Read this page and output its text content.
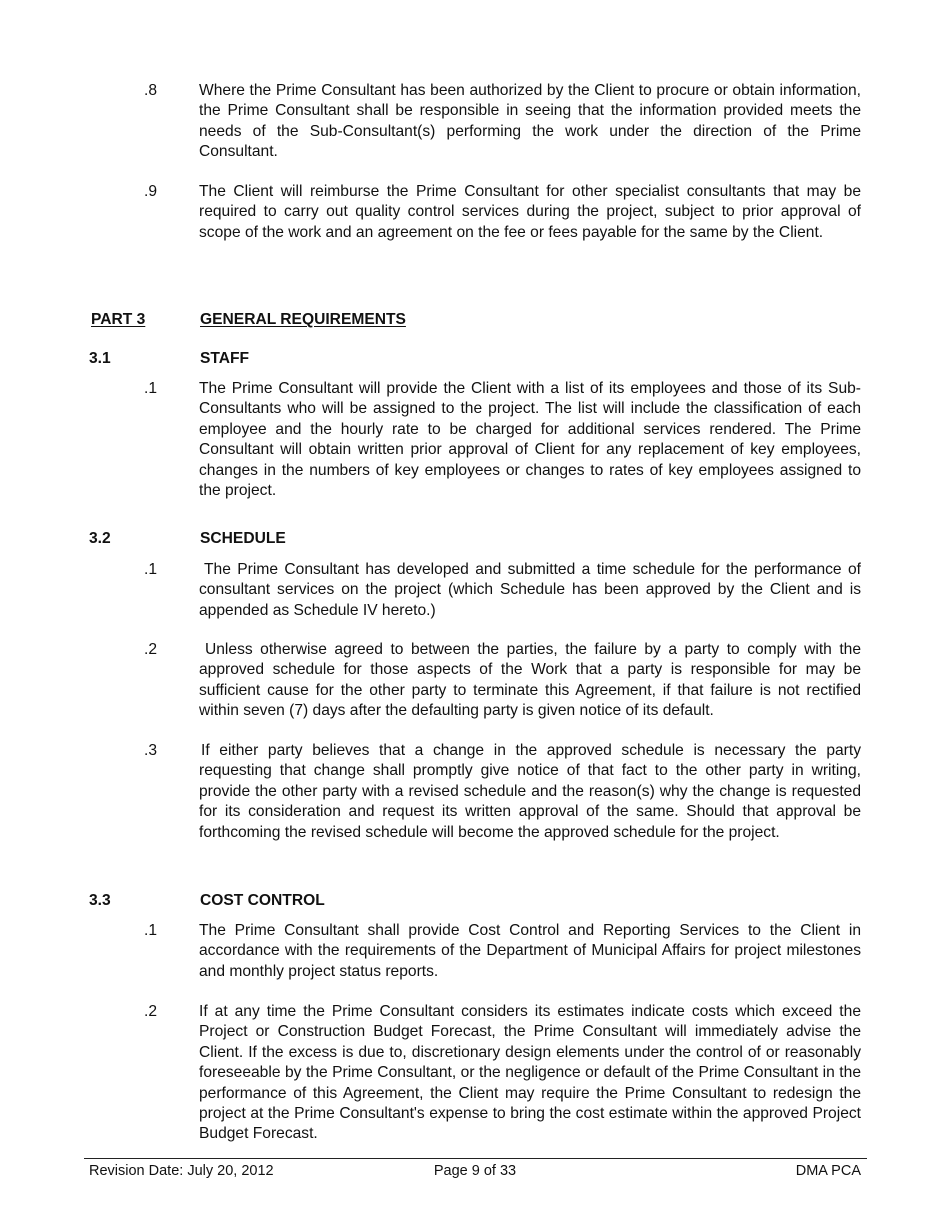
.8	Where the Prime Consultant has been authorized by the Client to procure or obtain information, the Prime Consultant shall be responsible in seeing that the information provided meets the needs of the Sub-Consultant(s) performing the work under the direction of the Prime Consultant.
.9	The Client will reimburse the Prime Consultant for other specialist consultants that may be required to carry out quality control services during the project, subject to prior approval of scope of the work and an agreement on the fee or fees payable for the same by the Client.
PART 3	GENERAL REQUIREMENTS
3.1	STAFF
.1	The Prime Consultant will provide the Client with a list of its employees and those of its Sub-Consultants who will be assigned to the project. The list will include the classification of each employee and the hourly rate to be charged for additional services rendered. The Prime Consultant will obtain written prior approval of Client for any replacement of key employees, changes in the numbers of key employees or changes to rates of key employees assigned to the project.
3.2	SCHEDULE
.1	The Prime Consultant has developed and submitted a time schedule for the performance of consultant services on the project (which Schedule has been approved by the Client and is appended as Schedule IV hereto.)
.2	Unless otherwise agreed to between the parties, the failure by a party to comply with the approved schedule for those aspects of the Work that a party is responsible for may be sufficient cause for the other party to terminate this Agreement, if that failure is not rectified within seven (7) days after the defaulting party is given notice of its default.
.3	If either party believes that a change in the approved schedule is necessary the party requesting that change shall promptly give notice of that fact to the other party in writing, provide the other party with a revised schedule and the reason(s) why the change is requested for its consideration and request its written approval of the same. Should that approval be forthcoming the revised schedule will become the approved schedule for the project.
3.3	COST CONTROL
.1	The Prime Consultant shall provide Cost Control and Reporting Services to the Client in accordance with the requirements of the Department of Municipal Affairs for project milestones and monthly project status reports.
.2	If at any time the Prime Consultant considers its estimates indicate costs which exceed the Project or Construction Budget Forecast, the Prime Consultant will immediately advise the Client. If the excess is due to, discretionary design elements under the control of or reasonably foreseeable by the Prime Consultant, or the negligence or default of the Prime Consultant in the performance of this Agreement, the Client may require the Prime Consultant to redesign the project at the Prime Consultant's expense to bring the cost estimate within the approved Project Budget Forecast.
Revision Date: July 20, 2012	Page 9 of 33	DMA PCA
